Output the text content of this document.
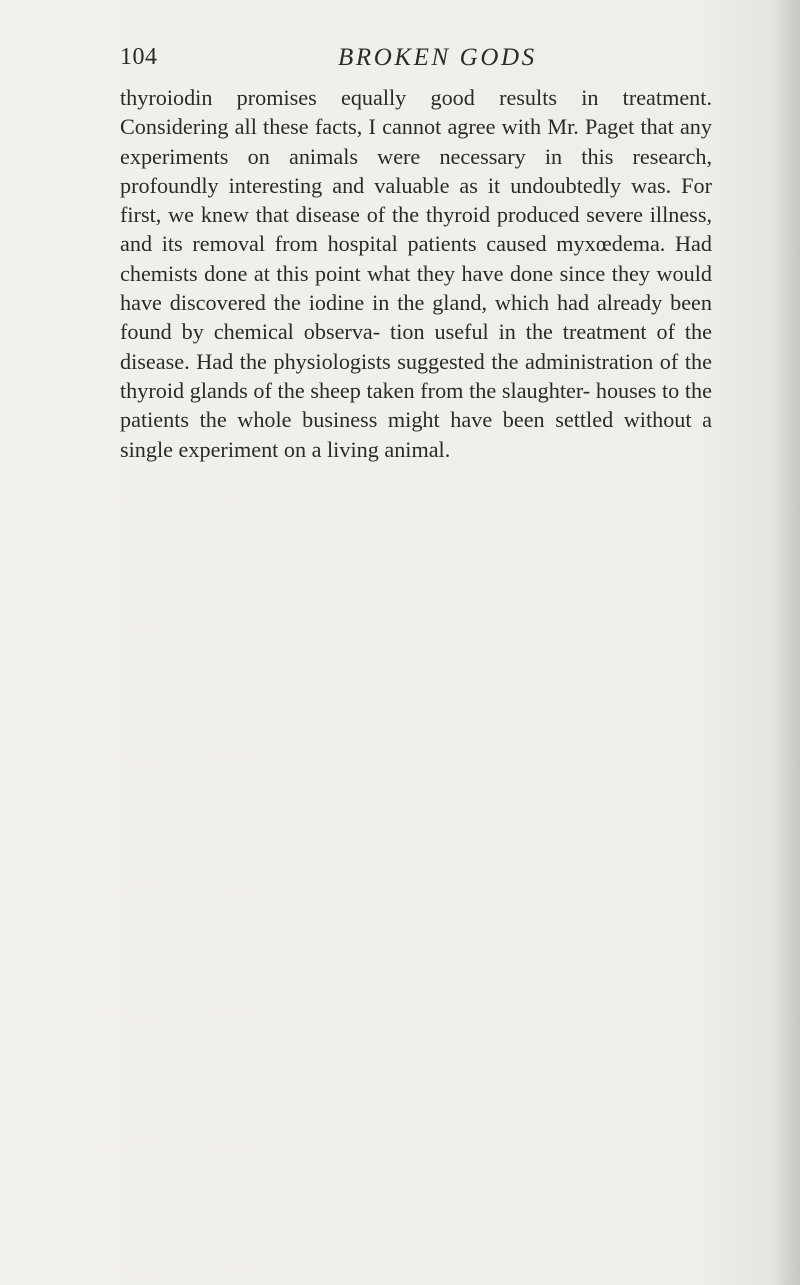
104	BROKEN GODS

thyroiodin promises equally good results in treatment. Considering all these facts, I cannot agree with Mr. Paget that any experiments on animals were necessary in this research, profoundly interesting and valuable as it undoubtedly was. For first, we knew that disease of the thyroid produced severe illness, and its removal from hospital patients caused myxœdema. Had chemists done at this point what they have done since they would have discovered the iodine in the gland, which had already been found by chemical observa- tion useful in the treatment of the disease. Had the physiologists suggested the administration of the thyroid glands of the sheep taken from the slaughter- houses to the patients the whole business might have been settled without a single experiment on a living animal.
